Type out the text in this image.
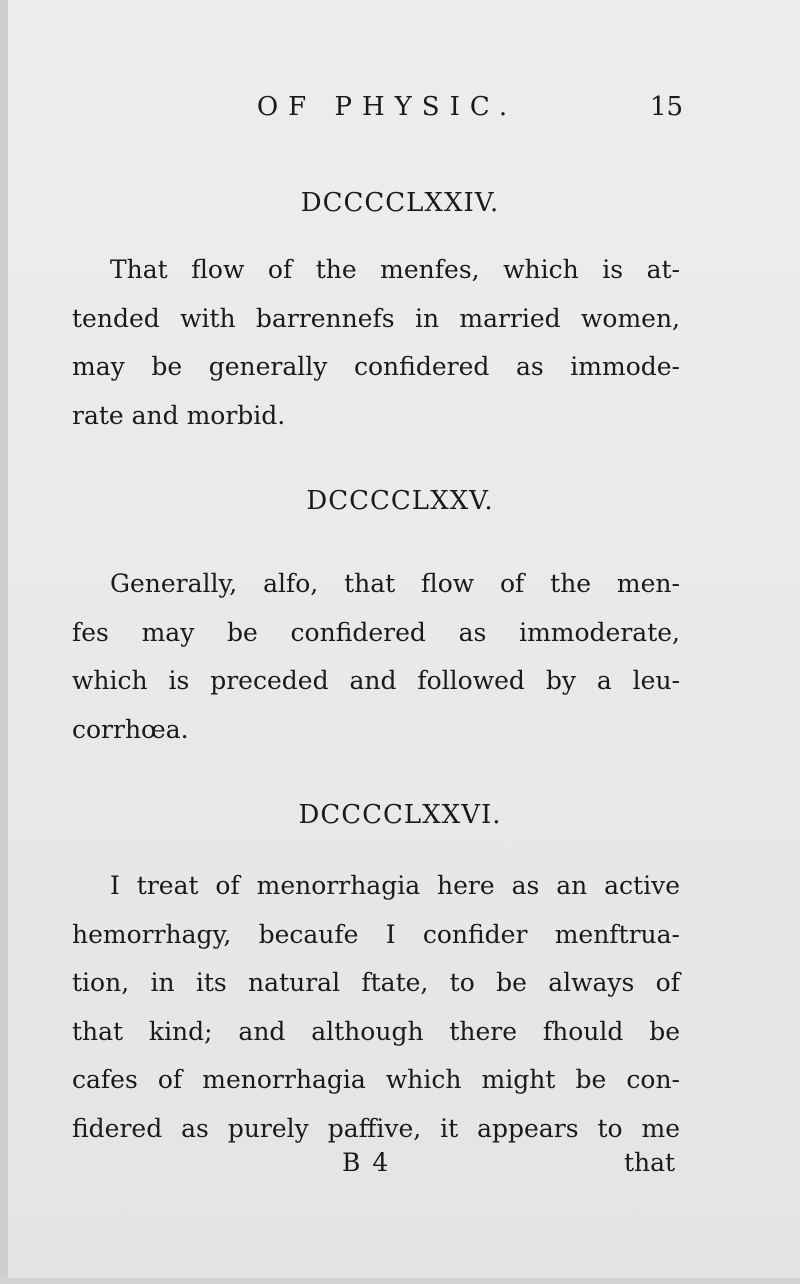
OF PHYSIC.	15
DCCCCLXXIV.
That flow of the menfes, which is at-
tended with barrennefs in married women,
may be generally confidered as immode-
rate and morbid.
DCCCCLXXV.
Generally, alfo, that flow of the men-
fes may be confidered as immoderate,
which is preceded and followed by a leu-
corrhœa.
DCCCCLXXVI.
I treat of menorrhagia here as an active
hemorrhagy, becaufe I confider menftrua-
tion, in its natural ftate, to be always of
that kind; and although there fhould be
cafes of menorrhagia which might be con-
fidered as purely paffive, it appears to me
B 4	that
